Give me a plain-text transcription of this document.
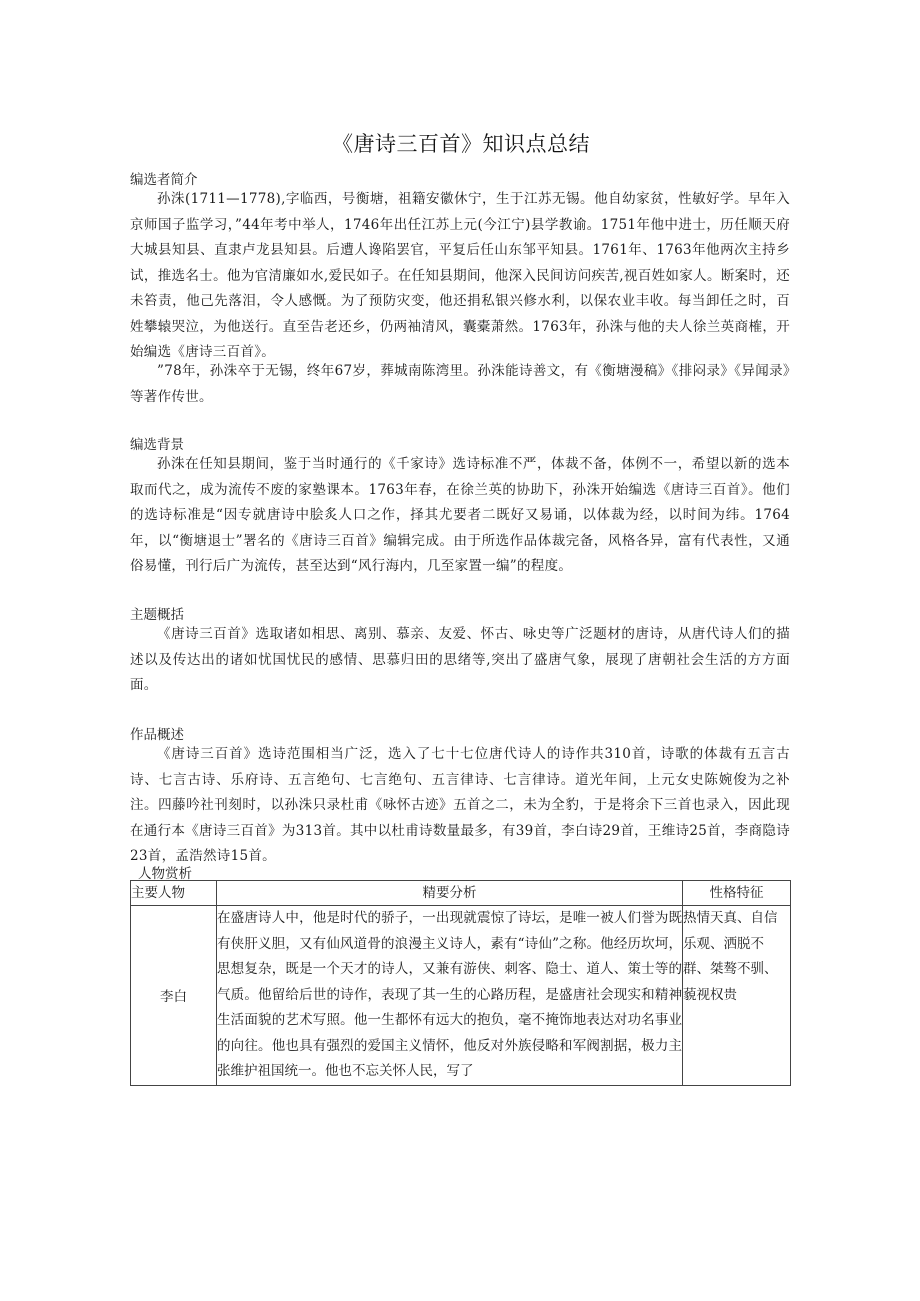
《唐诗三百首》知识点总结
编选者简介

孙洙(1711—1778),字临西，号衡塘，祖籍安徽休宁，生于江苏无锡。他自幼家贫，性敏好学。早年入京师国子监学习，”44年考中举人，1746年出任江苏上元(今江宁)县学教谕。1751年他中进士，历任顺天府大城县知县、直隶卢龙县知县。后遭人谗陷罢官，平复后任山东邹平知县。1761年、1763年他两次主持乡试，推选名士。他为官清廉如水,爱民如子。在任知县期间，他深入民间访问疾苦,视百姓如家人。断案时，还未笞责，他己先落泪，令人感慨。为了预防灾变，他还捐私银兴修水利，以保农业丰收。每当卸任之时，百姓攀辕哭泣，为他送行。直至告老还乡，仍两袖清风，囊橐萧然。1763年，孙洙与他的夫人徐兰英商榷，开始编选《唐诗三百首》。

”78年，孙洙卒于无锡，终年67岁，葬城南陈湾里。孙洙能诗善文，有《衡塘漫稿》《排闷录》《异闻录》等著作传世。

编选背景

孙洙在任知县期间，鉴于当时通行的《千家诗》选诗标准不严，体裁不备，体例不一，希望以新的选本取而代之，成为流传不废的家塾课本。1763年春，在徐兰英的协助下，孙洙开始编选《唐诗三百首》。他们的选诗标准是“因专就唐诗中脍炙人口之作，择其尤要者二既好又易诵，以体裁为经，以时间为纬。1764年，以“衡塘退士”署名的《唐诗三百首》编辑完成。由于所选作品体裁完备，风格各异，富有代表性，又通俗易懂，刊行后广为流传，甚至达到“风行海内，几至家置一编”的程度。

主题概括

《唐诗三百首》选取诸如相思、离别、慕亲、友爱、怀古、咏史等广泛题材的唐诗，从唐代诗人们的描述以及传达出的诸如忧国忧民的感情、思慕归田的思绪等,突出了盛唐气象，展现了唐朝社会生活的方方面面。

作品概述

《唐诗三百首》选诗范围相当广泛，选入了七十七位唐代诗人的诗作共310首，诗歌的体裁有五言古诗、七言古诗、乐府诗、五言绝句、七言绝句、五言律诗、七言律诗。道光年间，上元女史陈婉俊为之补注。四藤吟社刊刻时，以孙洙只录杜甫《咏怀古迹》五首之二，未为全豹，于是将余下三首也录入，因此现在通行本《唐诗三百首》为313首。其中以杜甫诗数量最多，有39首，李白诗29首，王维诗25首，李商隐诗23首，孟浩然诗15首。

人物赏析
主要人物	精要分析	性格特征
李白	在盛唐诗人中，他是时代的骄子，一出现就震惊了诗坛，是唯一被人们誉为既有侠肝义胆，又有仙风道骨的浪漫主义诗人，素有“诗仙”之称。他经历坎坷，思想复杂，既是一个天才的诗人，又兼有游侠、刺客、隐士、道人、策士等的气质。他留给后世的诗作，表现了其一生的心路历程，是盛唐社会现实和精神生活面貌的艺术写照。他一生都怀有远大的抱负，毫不掩饰地表达对功名事业的向往。他也具有强烈的爱国主义情怀，他反对外族侵略和军阀割据，极力主张维护祖国统一。他也不忘关怀人民，写了	热情天真、自信乐观、洒脱不群、桀骜不驯、藐视权贵
